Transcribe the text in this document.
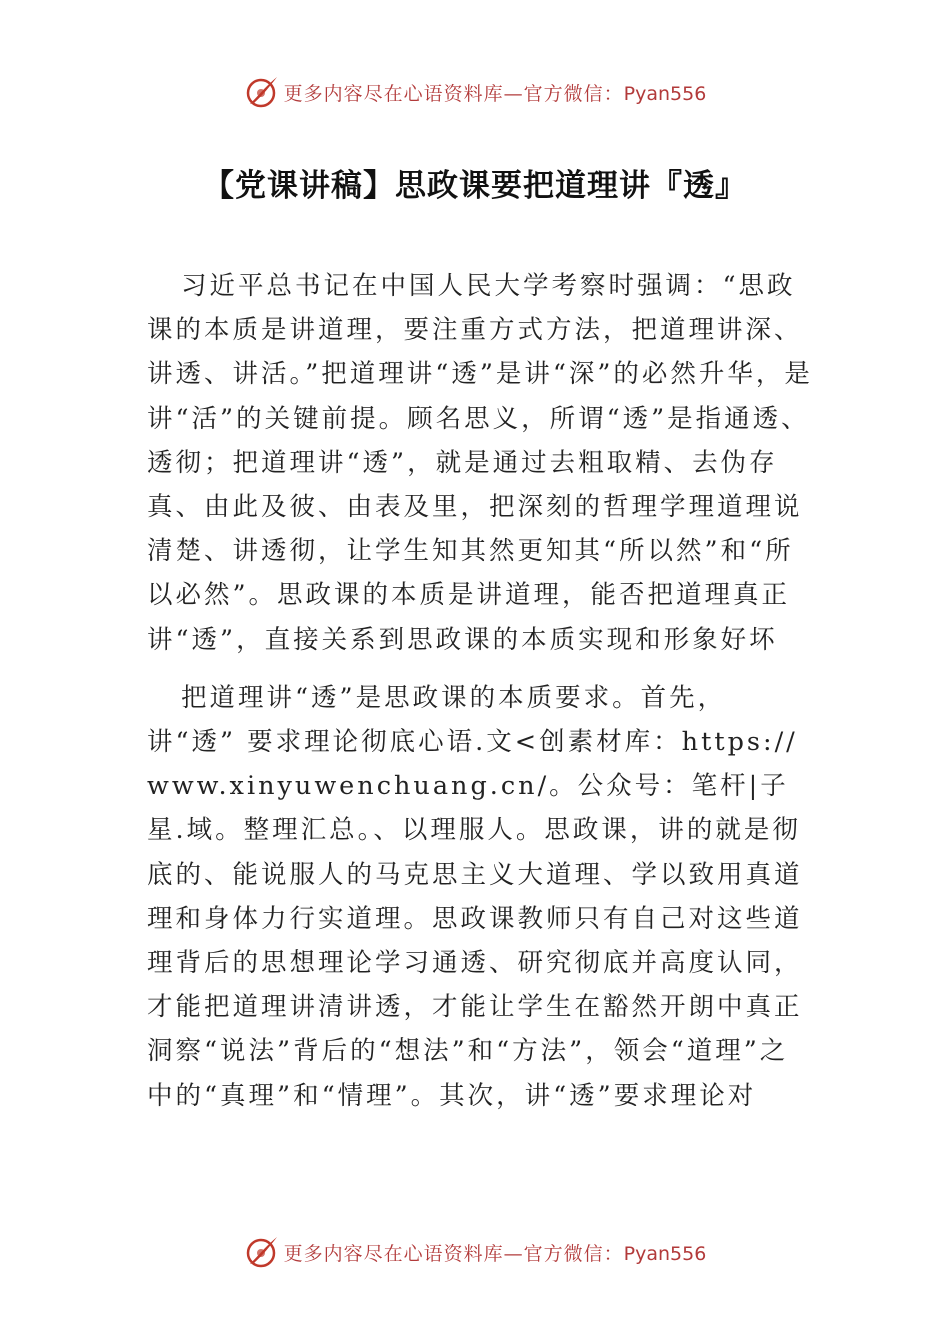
更多内容尽在心语资料库—官方微信：Pyan556
【党课讲稿】思政课要把道理讲『透』

习近平总书记在中国人民大学考察时强调：“思政课的本质是讲道理，要注重方式方法，把道理讲深、讲透、讲活。”把道理讲“透”是讲“深”的必然升华，是讲“活”的关键前提。顾名思义，所谓“透”是指通透、透彻；把道理讲“透”，就是通过去粗取精、去伪存真、由此及彼、由表及里，把深刻的哲理学理道理说清楚、讲透彻，让学生知其然更知其“所以然”和“所以必然”。思政课的本质是讲道理，能否把道理真正讲“透”，直接关系到思政课的本质实现和形象好坏

把道理讲“透”是思政课的本质要求。首先，讲“透” 要求理论彻底心语.文<创素材库：https://www.xinyuwenchuang.cn/。公众号：笔杆|子星.域。整理汇总。、以理服人。思政课，讲的就是彻底的、能说服人的马克思主义大道理、学以致用真道理和身体力行实道理。思政课教师只有自己对这些道理背后的思想理论学习通透、研究彻底并高度认同，才能把道理讲清讲透，才能让学生在豁然开朗中真正洞察“说法”背后的“想法”和“方法”，领会“道理”之中的“真理”和“情理”。其次，讲“透”要求理论对

更多内容尽在心语资料库—官方微信：Pyan556
